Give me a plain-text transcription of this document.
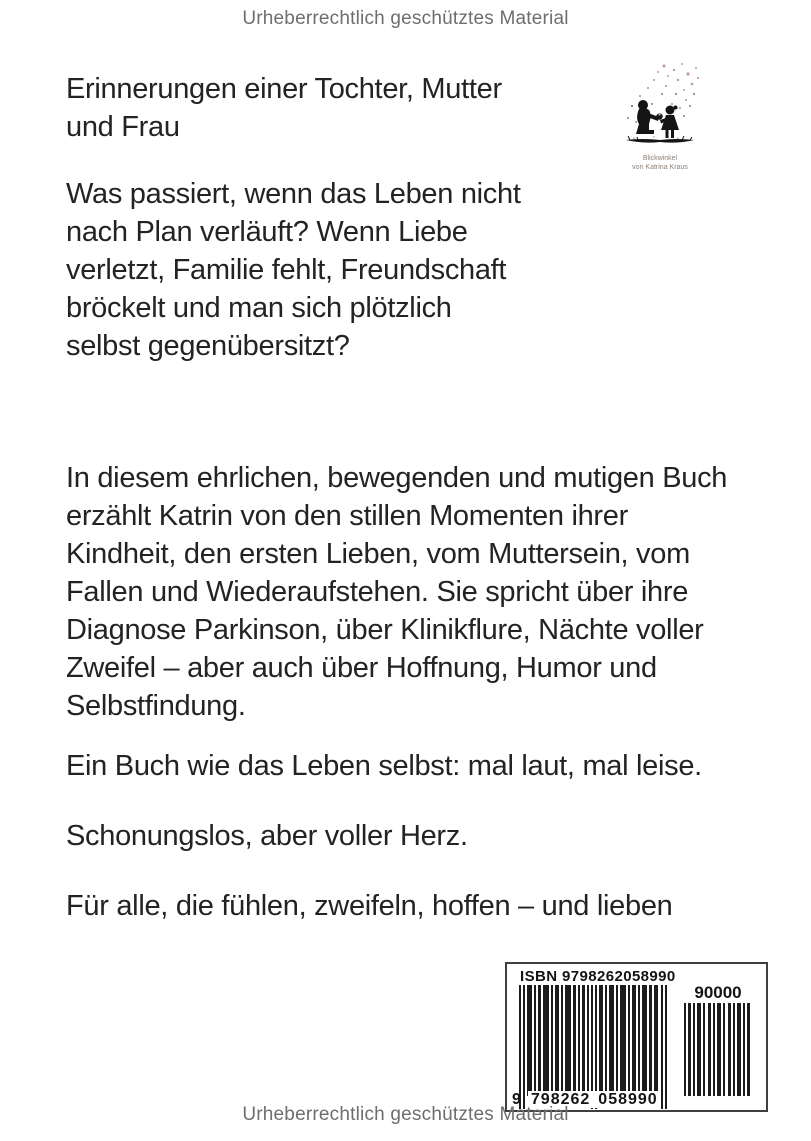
Urheberrechtlich geschütztes Material
Blickwinkel
von Katrina Kraus
Erinnerungen einer Tochter, Mutter
und Frau
Was passiert, wenn das Leben nicht
nach Plan verläuft? Wenn Liebe
verletzt, Familie fehlt, Freundschaft
bröckelt und man sich plötzlich
selbst gegenübersitzt?
In diesem ehrlichen, bewegenden und mutigen Buch
erzählt Katrin von den stillen Momenten ihrer
Kindheit, den ersten Lieben, vom Muttersein, vom
Fallen und Wiederaufstehen. Sie spricht über ihre
Diagnose Parkinson, über Klinikflure, Nächte voller
Zweifel – aber auch über Hoffnung, Humor und
Selbstfindung.
Ein Buch wie das Leben selbst: mal laut, mal leise.
Schonungslos, aber voller Herz.
Für alle, die fühlen, zweifeln, hoffen – und lieben
ISBN 9798262058990
90000
9 798262 058990
Urheberrechtlich geschütztes Material
